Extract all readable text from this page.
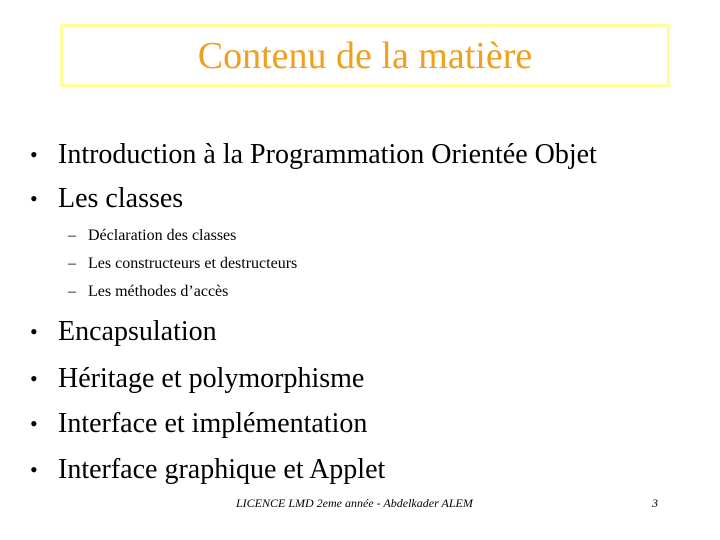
Contenu de la matière
• Introduction à la Programmation Orientée Objet
• Les classes
– Déclaration des classes
– Les constructeurs et destructeurs
– Les méthodes d’accès
• Encapsulation
• Héritage et polymorphisme
• Interface et implémentation
• Interface graphique et Applet
LICENCE LMD 2eme année - Abdelkader ALEM	3
